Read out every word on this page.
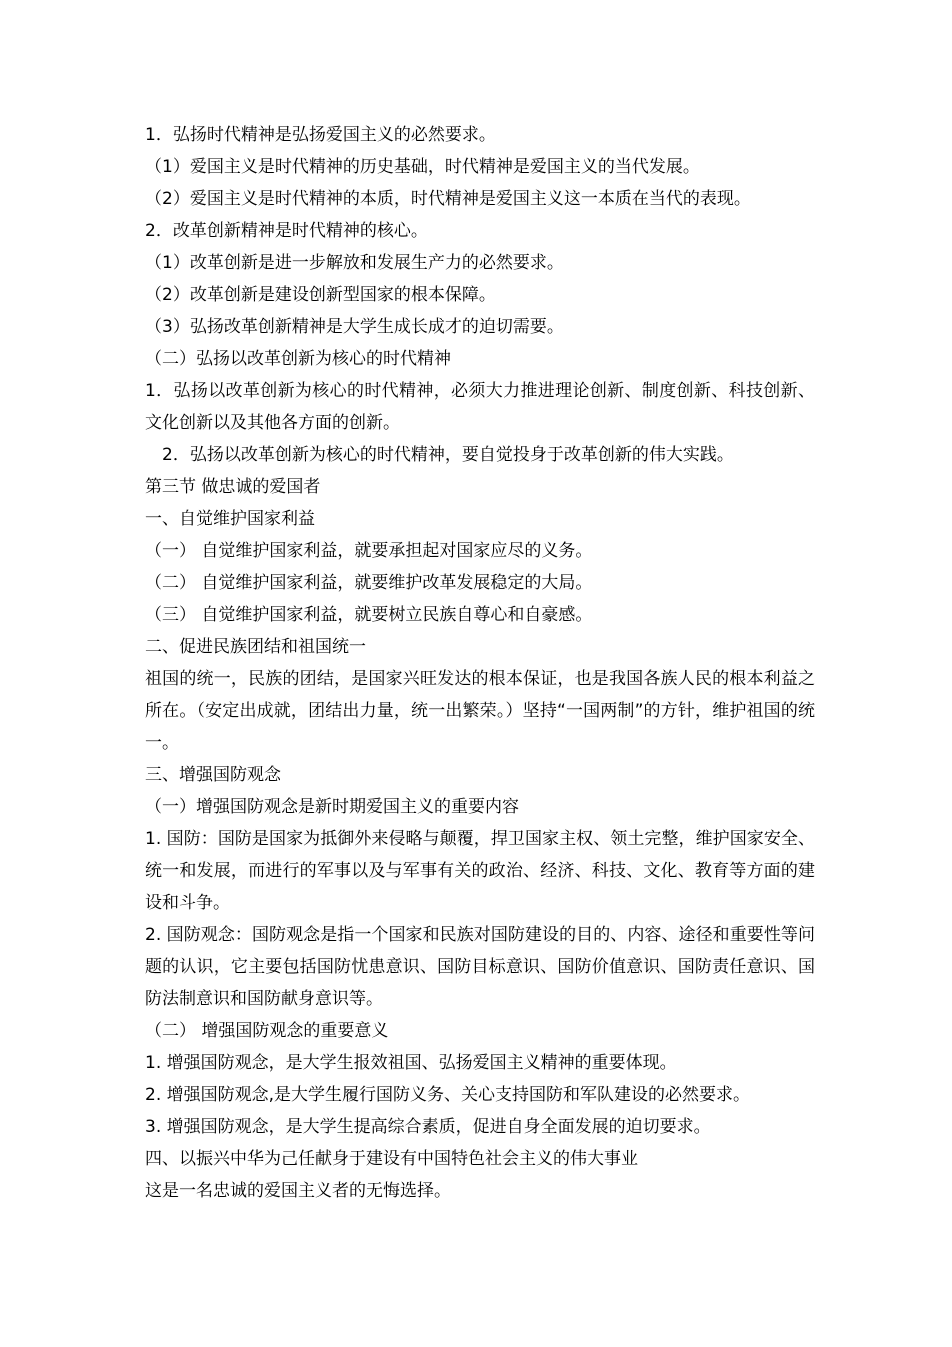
1．弘扬时代精神是弘扬爱国主义的必然要求。

（1）爱国主义是时代精神的历史基础，时代精神是爱国主义的当代发展。

（2）爱国主义是时代精神的本质，时代精神是爱国主义这一本质在当代的表现。

2．改革创新精神是时代精神的核心。

（1）改革创新是进一步解放和发展生产力的必然要求。

（2）改革创新是建设创新型国家的根本保障。

（3）弘扬改革创新精神是大学生成长成才的迫切需要。

（二）弘扬以改革创新为核心的时代精神

1．弘扬以改革创新为核心的时代精神，必须大力推进理论创新、制度创新、科技创新、文化创新以及其他各方面的创新。

2．弘扬以改革创新为核心的时代精神，要自觉投身于改革创新的伟大实践。

第三节 做忠诚的爱国者

一、自觉维护国家利益

（一） 自觉维护国家利益，就要承担起对国家应尽的义务。

（二） 自觉维护国家利益，就要维护改革发展稳定的大局。

（三） 自觉维护国家利益，就要树立民族自尊心和自豪感。

二、促进民族团结和祖国统一

祖国的统一，民族的团结，是国家兴旺发达的根本保证，也是我国各族人民的根本利益之所在。（安定出成就，团结出力量，统一出繁荣。）坚持“一国两制”的方针，维护祖国的统一。

三、增强国防观念

（一）增强国防观念是新时期爱国主义的重要内容

1. 国防：国防是国家为抵御外来侵略与颠覆，捍卫国家主权、领土完整，维护国家安全、统一和发展，而进行的军事以及与军事有关的政治、经济、科技、文化、教育等方面的建设和斗争。

2. 国防观念：国防观念是指一个国家和民族对国防建设的目的、内容、途径和重要性等问题的认识，它主要包括国防忧患意识、国防目标意识、国防价值意识、国防责任意识、国防法制意识和国防献身意识等。

（二） 增强国防观念的重要意义

1. 增强国防观念，是大学生报效祖国、弘扬爱国主义精神的重要体现。

2. 增强国防观念,是大学生履行国防义务、关心支持国防和军队建设的必然要求。

3. 增强国防观念，是大学生提高综合素质，促进自身全面发展的迫切要求。

四、以振兴中华为己任献身于建设有中国特色社会主义的伟大事业

这是一名忠诚的爱国主义者的无悔选择。
